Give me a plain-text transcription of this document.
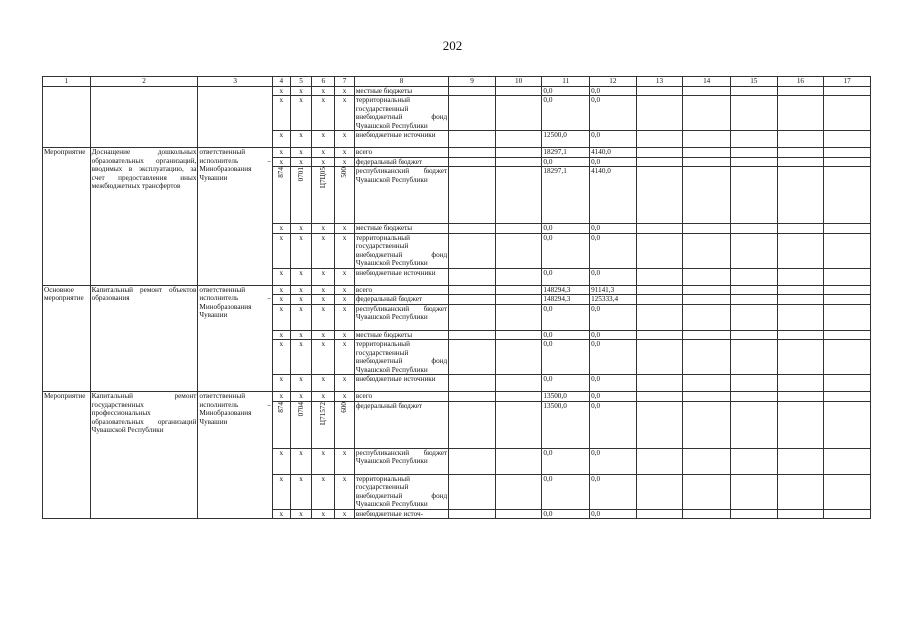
202
1	2	3	4	5	6	7	8	9	10	11	12	13	14	15	16	17
			x	x	x	x	местные бюджеты			0,0	0,0					
			x	x	x	x	территориальный государственный внебюджетный фонд Чувашской Республики			0,0	0,0					
			x	x	x	x	внебюджетные источники			12500,0	0,0					
Мероприятие	Доснащение дошкольных образовательных организаций, вводимых в эксплуатацию, за счет предоставления иных межбюджетных трансфертов	ответственный исполнитель – Минобразования Чувашии	x	x	x	x	всего			18297,1	4140,0					
			x	x	x	x	федеральный бюджет			0,0	0,0					
			874	0701	Ц7Ц05	500	республиканский бюджет Чувашской Республики			18297,1	4140,0					
			x	x	x	x	местные бюджеты			0,0	0,0					
			x	x	x	x	территориальный государственный внебюджетный фонд Чувашской Республики			0,0	0,0					
			x	x	x	x	внебюджетные источники			0,0	0,0					
Основное мероприятие	Капитальный ремонт объектов образования	ответственный исполнитель – Минобразования Чувашии	x	x	x	x	всего			148294,3	91141,3					
			x	x	x	x	федеральный бюджет			148294,3	125333,4					
			x	x	x	x	республиканский бюджет Чувашской Республики			0,0	0,0					
			x	x	x	x	местные бюджеты			0,0	0,0					
			x	x	x	x	территориальный государственный внебюджетный фонд Чувашской Республики			0,0	0,0					
			x	x	x	x	внебюджетные источники			0,0	0,0					
Мероприятие	Капитальный ремонт государственных профессиональных образовательных организаций Чувашской Республики	ответственный исполнитель – Минобразования Чувашии	x	x	x	x	всего			13500,0	0,0					
			874	0704	Ц71572	600	федеральный бюджет			13500,0	0,0					
			x	x	x	x	республиканский бюджет Чувашской Республики			0,0	0,0					
			x	x	x	x	территориальный государственный внебюджетный фонд Чувашской Республики			0,0	0,0					
			x	x	x	x	внебюджетные источ-			0,0	0,0					
